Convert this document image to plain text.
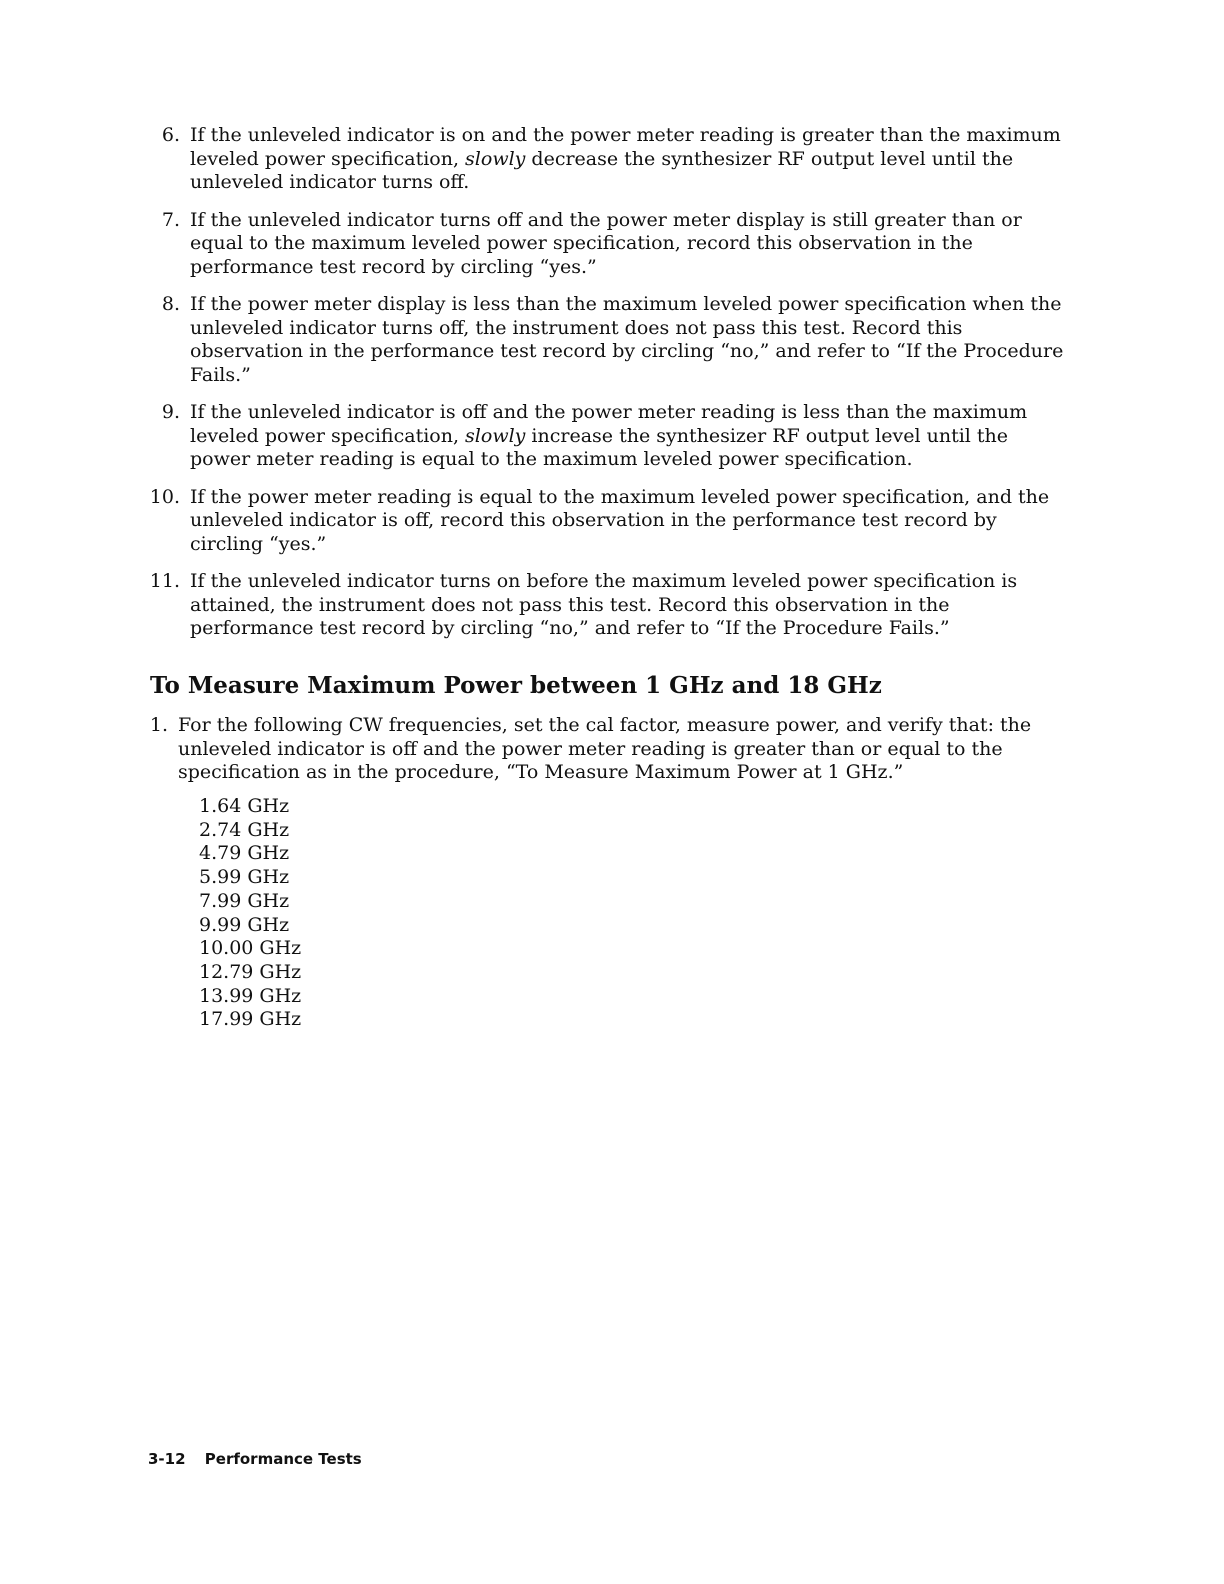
6. If the unleveled indicator is on and the power meter reading is greater than the maximum leveled power specification, slowly decrease the synthesizer RF output level until the unleveled indicator turns off.
7. If the unleveled indicator turns off and the power meter display is still greater than or equal to the maximum leveled power specification, record this observation in the performance test record by circling “yes.”
8. If the power meter display is less than the maximum leveled power specification when the unleveled indicator turns off, the instrument does not pass this test. Record this observation in the performance test record by circling “no,” and refer to “If the Procedure Fails.”
9. If the unleveled indicator is off and the power meter reading is less than the maximum leveled power specification, slowly increase the synthesizer RF output level until the power meter reading is equal to the maximum leveled power specification.
10. If the power meter reading is equal to the maximum leveled power specification, and the unleveled indicator is off, record this observation in the performance test record by circling “yes.”
11. If the unleveled indicator turns on before the maximum leveled power specification is attained, the instrument does not pass this test. Record this observation in the performance test record by circling “no,” and refer to “If the Procedure Fails.”
To Measure Maximum Power between 1 GHz and 18 GHz
1. For the following CW frequencies, set the cal factor, measure power, and verify that: the unleveled indicator is off and the power meter reading is greater than or equal to the specification as in the procedure, “To Measure Maximum Power at 1 GHz.”
1.64 GHz
2.74 GHz
4.79 GHz
5.99 GHz
7.99 GHz
9.99 GHz
10.00 GHz
12.79 GHz
13.99 GHz
17.99 GHz
3-12 Performance Tests
